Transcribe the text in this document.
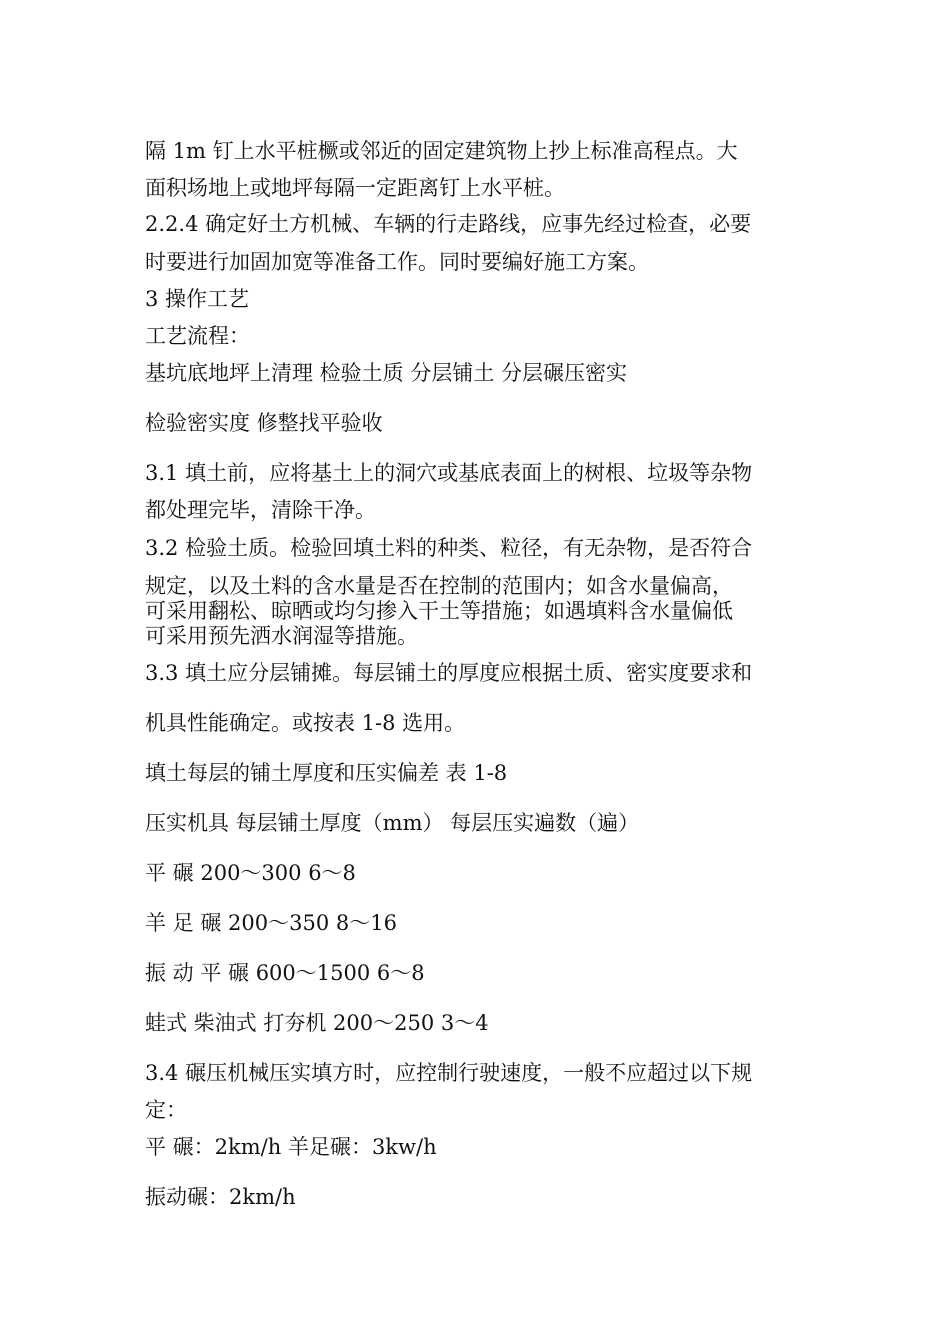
隔 1m 钉上水平桩橛或邻近的固定建筑物上抄上标准高程点。大
面积场地上或地坪每隔一定距离钉上水平桩。
2.2.4 确定好土方机械、车辆的行走路线，应事先经过检查，必要
时要进行加固加宽等准备工作。同时要编好施工方案。
3 操作工艺
工艺流程：
基坑底地坪上清理 检验土质 分层铺土 分层碾压密实
检验密实度 修整找平验收
3.1 填土前，应将基土上的洞穴或基底表面上的树根、垃圾等杂物
都处理完毕，清除干净。
3.2 检验土质。检验回填土料的种类、粒径，有无杂物，是否符合
规定，以及土料的含水量是否在控制的范围内；如含水量偏高，
可采用翻松、晾晒或均匀掺入干土等措施；如遇填料含水量偏低
可采用预先洒水润湿等措施。
3.3 填土应分层铺摊。每层铺土的厚度应根据土质、密实度要求和
机具性能确定。或按表 1-8 选用。
填土每层的铺土厚度和压实偏差 表 1-8
压实机具 每层铺土厚度（mm） 每层压实遍数（遍）
平 碾 200～300 6～8
羊 足 碾 200～350 8～16
振 动 平 碾 600～1500 6～8
蛙式 柴油式 打夯机 200～250 3～4
3.4 碾压机械压实填方时，应控制行驶速度，一般不应超过以下规
定：
平 碾：2km/h 羊足碾：3kw/h
振动碾：2km/h
